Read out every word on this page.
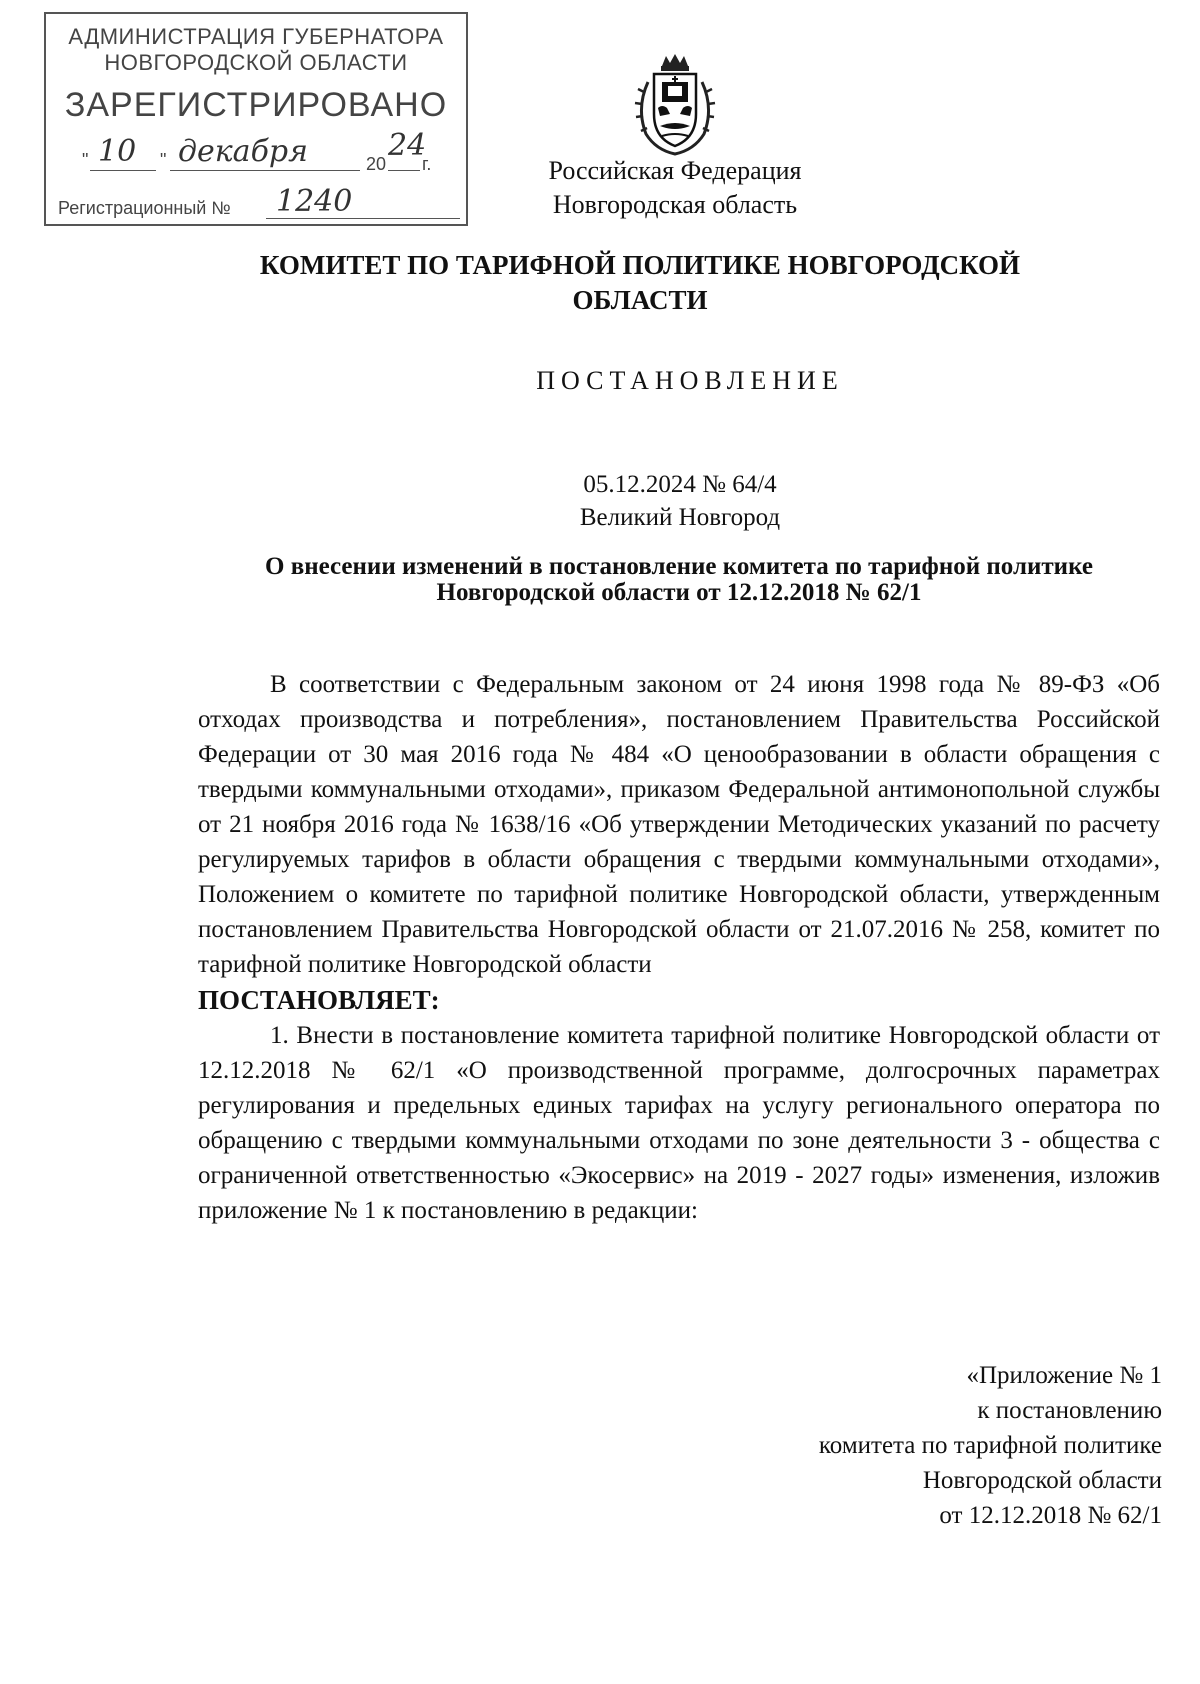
АДМИНИСТРАЦИЯ ГУБЕРНАТОРА
НОВГОРОДСКОЙ ОБЛАСТИ
ЗАРЕГИСТРИРОВАНО
" 10 " декабря	20
24
г.
Регистрационный № 1240
Российская Федерация
Новгородская область
КОМИТЕТ ПО ТАРИФНОЙ ПОЛИТИКЕ НОВГОРОДСКОЙ
ОБЛАСТИ
ПОСТАНОВЛЕНИЕ
05.12.2024 № 64/4
Великий Новгород
О внесении изменений в постановление комитета по тарифной политике
Новгородской области от 12.12.2018 № 62/1

В соответствии с Федеральным законом от 24 июня 1998 года № 89-ФЗ «Об отходах производства и потребления», постановлением Правительства Российской Федерации от 30 мая 2016 года № 484 «О ценообразовании в области обращения с твердыми коммунальными отходами», приказом Федеральной антимонопольной службы от 21 ноября 2016 года № 1638/16 «Об утверждении Методических указаний по расчету регулируемых тарифов в области обращения с твердыми коммунальными отходами», Положением о комитете по тарифной политике Новгородской области, утвержденным постановлением Правительства Новгородской области от 21.07.2016 № 258, комитет по тарифной политике Новгородской области

ПОСТАНОВЛЯЕТ:

1. Внести в постановление комитета тарифной политике Новгородской области от 12.12.2018 № 62/1 «О производственной программе, долгосрочных параметрах регулирования и предельных единых тарифах на услугу регионального оператора по обращению с твердыми коммунальными отходами по зоне деятельности 3 - общества с ограниченной ответственностью «Экосервис» на 2019 - 2027 годы» изменения, изложив приложение № 1 к постановлению в редакции:

«Приложение № 1
к постановлению
комитета по тарифной политике
Новгородской области
от 12.12.2018 № 62/1
